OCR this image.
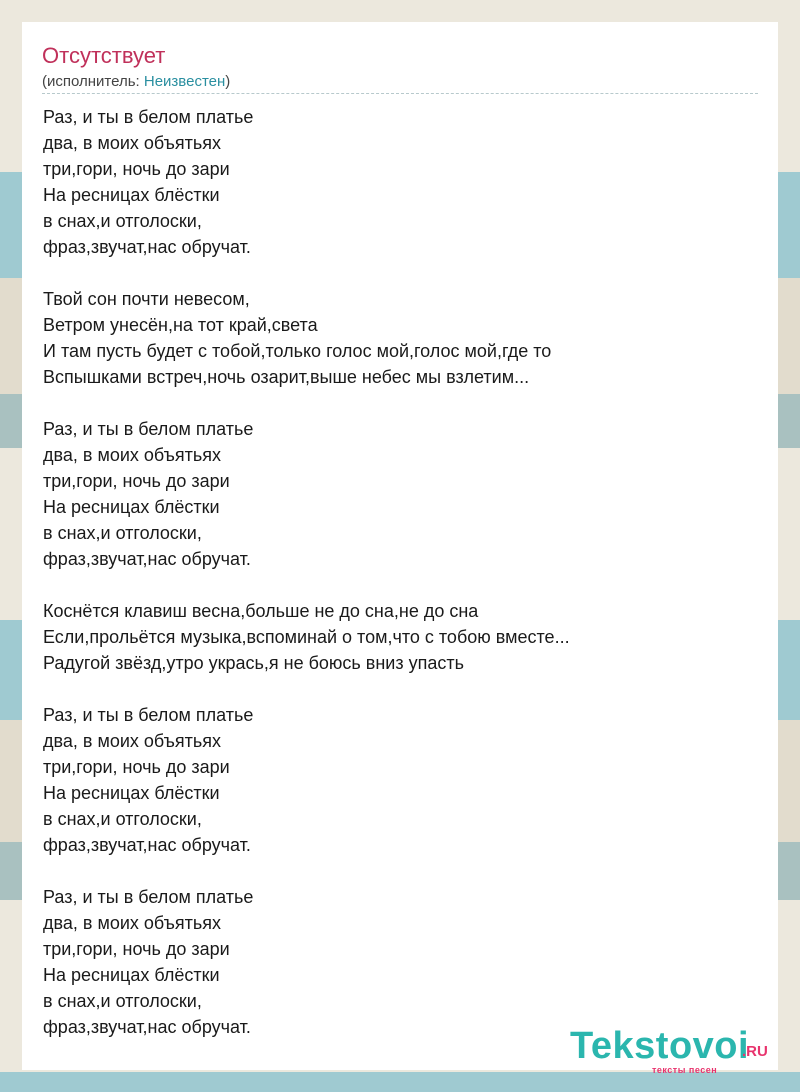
Отсутствует
(исполнитель: Неизвестен)
Раз, и ты в белом платье
два, в моих объятьях
три,гори, ночь до зари
На ресницах блёстки
в снах,и отголоски,
фраз,звучат,нас обручат.
Твой сон почти невесом,
Ветром унесён,на тот край,света
И там пусть будет с тобой,только голос мой,голос мой,где то
Вспышками встреч,ночь озарит,выше небес мы взлетим...
Раз, и ты в белом платье
два, в моих объятьях
три,гори, ночь до зари
На ресницах блёстки
в снах,и отголоски,
фраз,звучат,нас обручат.
Коснётся клавиш весна,больше не до сна,не до сна
Если,прольётся музыка,вспоминай о том,что с тобою вместе...
Радугой звёзд,утро укрась,я не боюсь вниз упасть
Раз, и ты в белом платье
два, в моих объятьях
три,гори, ночь до зари
На ресницах блёстки
в снах,и отголоски,
фраз,звучат,нас обручат.
Раз, и ты в белом платье
два, в моих объятьях
три,гори, ночь до зари
На ресницах блёстки
в снах,и отголоски,
фраз,звучат,нас обручат.	Tekstovoi
.RU
тексты песен
